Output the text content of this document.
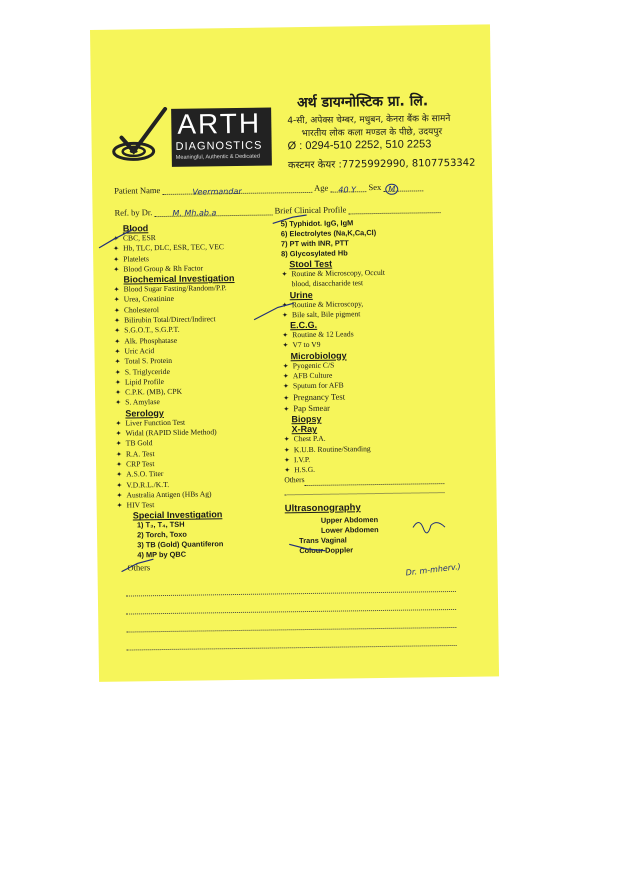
ARTH
DIAGNOSTICS
Meaningful, Authentic & Dedicated
अर्थ डायग्नोस्टिक प्रा. लि.
4-सी, अपेक्स चेम्बर, मधुबन, केनरा बैंक के सामने
भारतीय लोक कला मण्डल के पीछे, उदयपुर
Ø : 0294-510 2252, 510 2253
कस्टमर केयर :7725992990, 8107753342
Patient Name	Veermandar	Age 40 Y Sex M
Ref. by Dr.	M. Mh.ab.a	Brief Clinical Profile
Blood
✦ CBC, ESR
✦ Hb, TLC, DLC, ESR, TEC, VEC
✦ Platelets
✦ Blood Group & Rh Factor
Biochemical Investigation
✦ Blood Sugar Fasting/Random/P.P.
✦ Urea, Creatinine
✦ Cholesterol
✦ Bilirubin Total/Direct/Indirect
✦ S.G.O.T., S.G.P.T.
✦ Alk. Phosphatase
✦ Uric Acid
✦ Total S. Protein
✦ S. Triglyceride
✦ Lipid Profile
✦ C.P.K. (MB), CPK
✦ S. Amylase
Serology
✦ Liver Function Test
✦ Widal (RAPID Slide Method)
✦ TB Gold
✦ R.A. Test
✦ CRP Test
✦ A.S.O. Titer
✦ V.D.R.L./K.T.
✦ Australia Antigen (HBs Ag)
✦ HIV Test
Special Investigation
1) T₃, T₄, TSH
2) Torch, Toxo
3) TB (Gold) Quantiferon
4) MP by QBC
Others
5) Typhidot. IgG, IgM
6) Electrolytes (Na,K,Ca,Cl)
7) PT with INR, PTT
8) Glycosylated Hb
Stool Test
✦ Routine & Microscopy, Occult
blood, disaccharide test
Urine
✦ Routine & Microscopy,
✦ Bile salt, Bile pigment
E.C.G.
✦ Routine & 12 Leads
✦ V7 to V9
Microbiology
✦ Pyogenic C/S
✦ AFB Culture
✦ Sputum for AFB
✦ Pregnancy Test
✦ Pap Smear
Biopsy
X-Ray
✦ Chest P.A.
✦ K.U.B. Routine/Standing
✦ I.V.P.
✦ H.S.G.
Others
Ultrasonography
Upper Abdomen
Lower Abdomen
Trans Vaginal
Colour Doppler
Dr. m-mherv.)
